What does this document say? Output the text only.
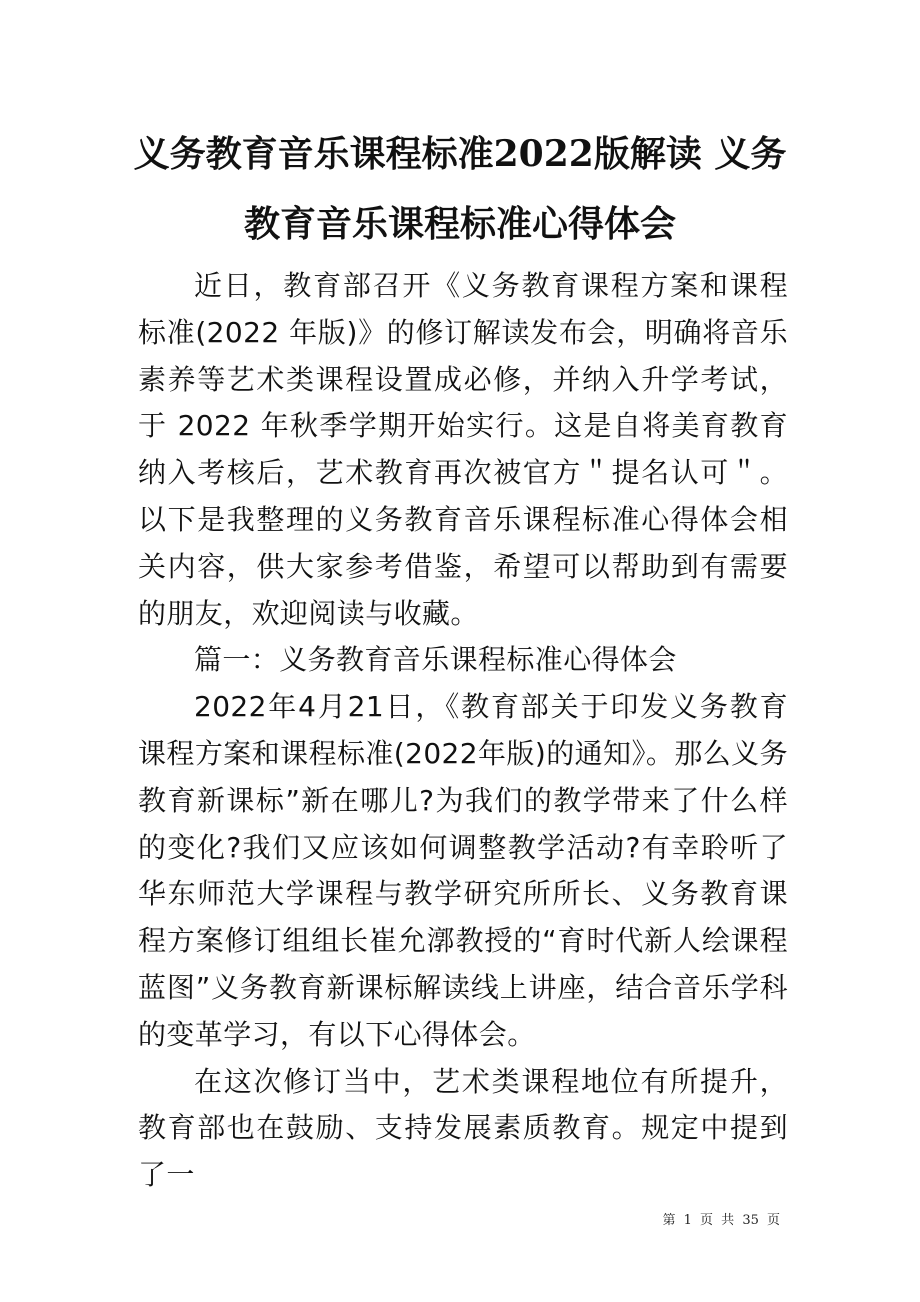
义务教育音乐课程标准2022版解读 义务
教育音乐课程标准心得体会

近日，教育部召开《义务教育课程方案和课程标准(2022 年版)》的修订解读发布会，明确将音乐素养等艺术类课程设置成必修，并纳入升学考试，于 2022 年秋季学期开始实行。这是自将美育教育纳入考核后，艺术教育再次被官方＂提名认可＂。以下是我整理的义务教育音乐课程标准心得体会相关内容，供大家参考借鉴，希望可以帮助到有需要的朋友，欢迎阅读与收藏。

篇一：义务教育音乐课程标准心得体会

2022年4月21日，《教育部关于印发义务教育课程方案和课程标准(2022年版)的通知》。那么义务教育新课标”新在哪儿?为我们的教学带来了什么样的变化?我们又应该如何调整教学活动?有幸聆听了华东师范大学课程与教学研究所所长、义务教育课程方案修订组组长崔允漷教授的“育时代新人绘课程蓝图”义务教育新课标解读线上讲座，结合音乐学科的变革学习，有以下心得体会。

在这次修订当中，艺术类课程地位有所提升，教育部也在鼓励、支持发展素质教育。规定中提到了一

第 1 页 共 35 页
